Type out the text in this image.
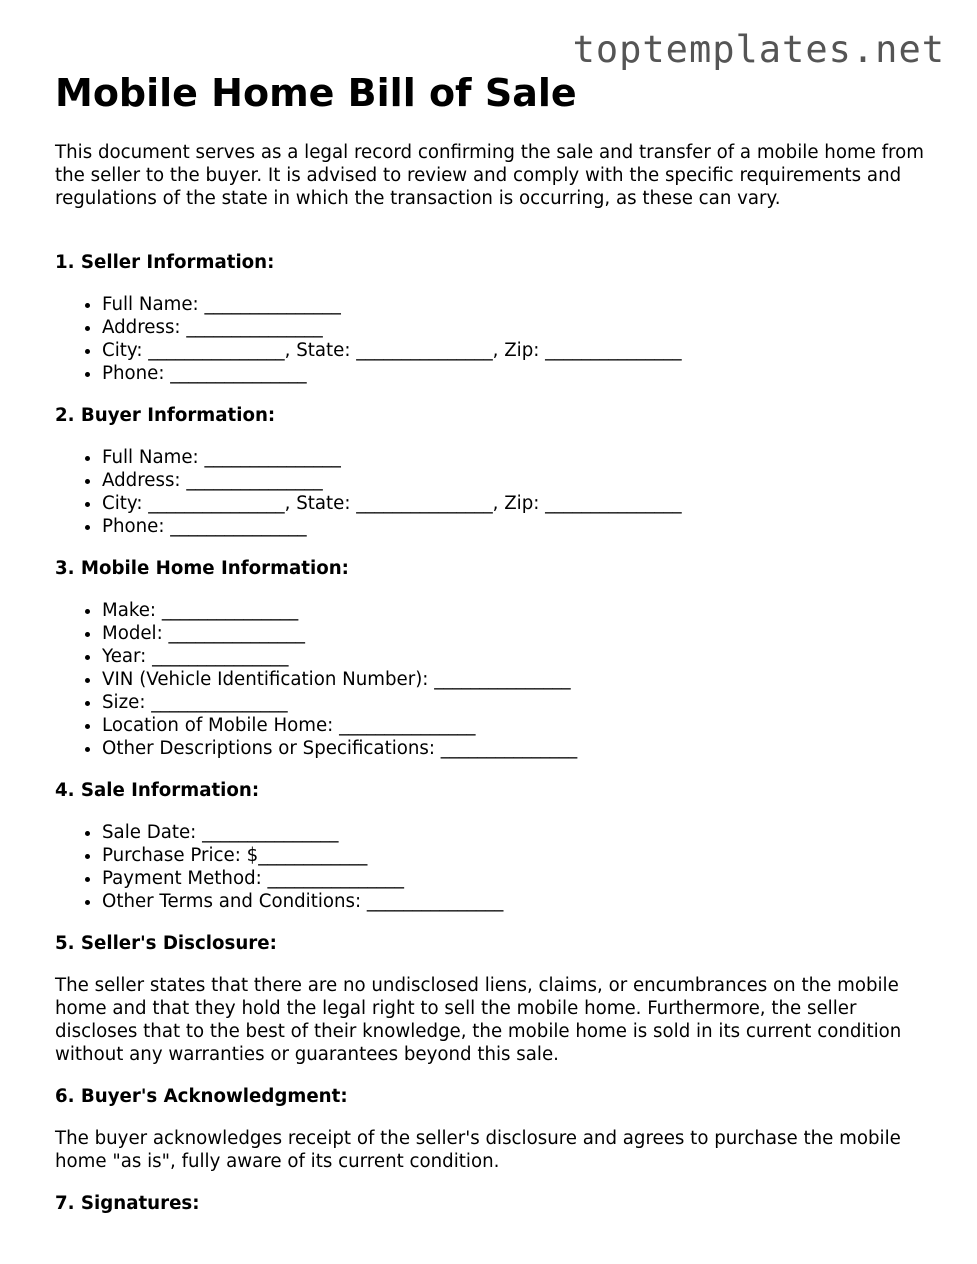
toptemplates.net
Mobile Home Bill of Sale

This document serves as a legal record confirming the sale and transfer of a mobile home from the seller to the buyer. It is advised to review and comply with the specific requirements and regulations of the state in which the transaction is occurring, as these can vary.

1. Seller Information:
• Full Name: _______________
• Address: _______________
• City: _______________, State: _______________, Zip: _______________
• Phone: _______________
2. Buyer Information:
• Full Name: _______________
• Address: _______________
• City: _______________, State: _______________, Zip: _______________
• Phone: _______________
3. Mobile Home Information:
• Make: _______________
• Model: _______________
• Year: _______________
• VIN (Vehicle Identification Number): _______________
• Size: _______________
• Location of Mobile Home: _______________
• Other Descriptions or Specifications: _______________
4. Sale Information:
• Sale Date: _______________
• Purchase Price: $____________
• Payment Method: _______________
• Other Terms and Conditions: _______________
5. Seller's Disclosure:

The seller states that there are no undisclosed liens, claims, or encumbrances on the mobile home and that they hold the legal right to sell the mobile home. Furthermore, the seller discloses that to the best of their knowledge, the mobile home is sold in its current condition without any warranties or guarantees beyond this sale.

6. Buyer's Acknowledgment:

The buyer acknowledges receipt of the seller's disclosure and agrees to purchase the mobile home "as is", fully aware of its current condition.

7. Signatures:
